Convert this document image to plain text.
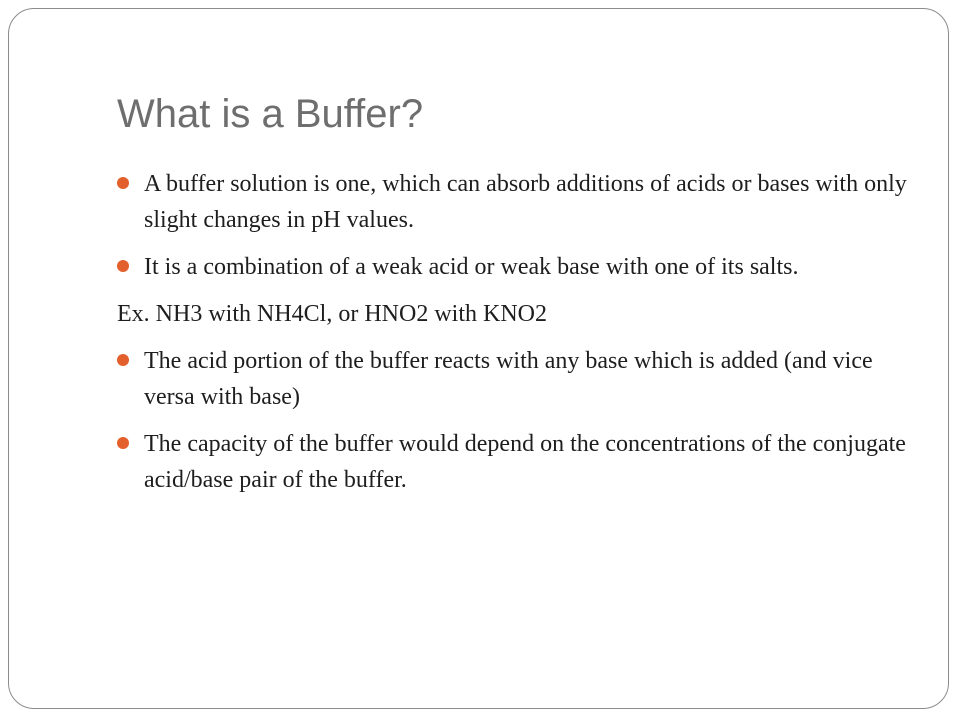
What is a Buffer?

A buffer solution is one, which can absorb additions of acids or bases with only slight changes in pH values.

It is a combination of a weak acid or weak base with one of its salts.

Ex. NH3 with NH4Cl, or HNO2 with KNO2

The acid portion of the buffer reacts with any base which is added (and vice versa with base)

The capacity of the buffer would depend on the concentrations of the conjugate acid/base pair of the buffer.
